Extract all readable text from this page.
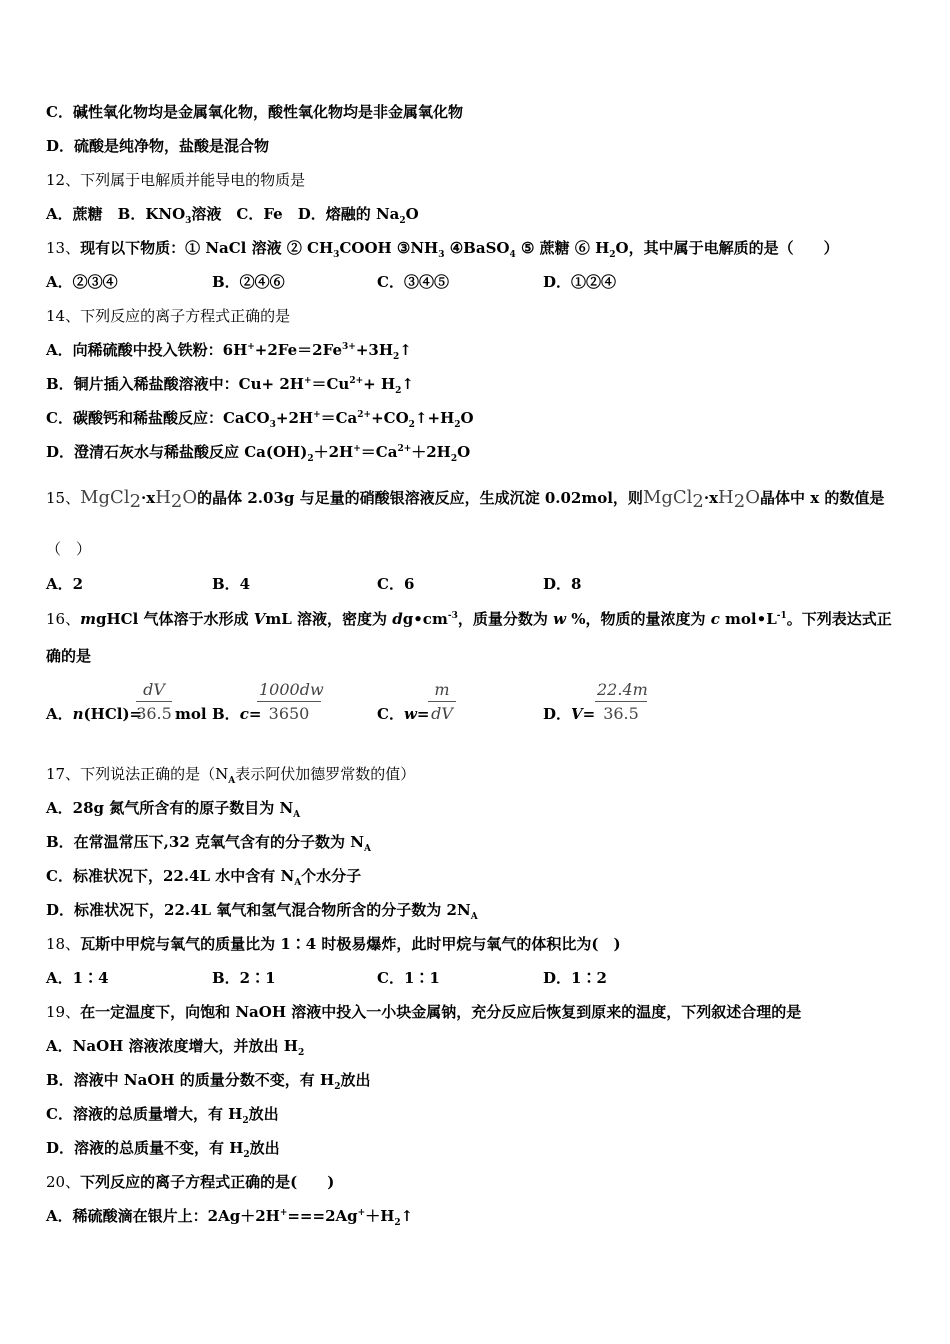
C．碱性氧化物均是金属氧化物，酸性氧化物均是非金属氧化物
D．硫酸是纯净物，盐酸是混合物
12、下列属于电解质并能导电的物质是
A．蔗糖　B．$KNO_3$溶液　C．Fe　D．熔融的 $Na_2O$
13、现有以下物质：① NaCl 溶液 ② $CH_3COOH$ $③NH_3$ ④BaSO$_4$ ⑤ 蔗糖 ⑥ $H_2O$，其中属于电解质的是（　　）
A．②③④	B．②④⑥	C．③④⑤	D．①②④
14、下列反应的离子方程式正确的是
A．向稀硫酸中投入铁粉：$6H^++2Fe=2Fe^{3+}+3H_2↑$
B．铜片插入稀盐酸溶液中：$Cu+ 2H^+=Cu^{2+}+$ $H_2↑$
C．碳酸钙和稀盐酸反应：$CaCO_3+2H^+=Ca^{2+}+CO_2↑+H_2O$
D．澄清石灰水与稀盐酸反应 $Ca(OH)_2+2H^+=Ca^{2+}+2H_2O$
15、$MgCl_2\cdot xH_2O$的晶体 2.03g 与足量的硝酸银溶液反应，生成沉淀 0.02mol，则$MgCl_2\cdot xH_2O$晶体中 x 的数值是
（　）
A．2	B．4	C．6	D．8
16、mgHCl 气体溶于水形成 VmL 溶液，密度为 $dg•cm^{-3}$，质量分数为 w %，物质的量浓度为 c $mol•L^{-1}$。下列表达式正
确的是
A．n(HCl)=
dV
36.5 mol B．c=
1000dw
3650	C．w=
m
dV	D．V=
22.4m
36.5
17、下列说法正确的是（$N_A$表示阿伏加德罗常数的值）
A．28g 氮气所含有的原子数目为 $N_A$
B．在常温常压下,32 克氧气含有的分子数为 $N_A$
C．标准状况下，22.4L 水中含有 $N_A$个水分子
D．标准状况下，22.4L 氧气和氢气混合物所含的分子数为 $2N_A$
18、瓦斯中甲烷与氧气的质量比为 1∶4 时极易爆炸，此时甲烷与氧气的体积比为(　)
A．1∶4	B．2∶1	C．1∶1	D．1∶2
19、在一定温度下，向饱和 NaOH 溶液中投入一小块金属钠，充分反应后恢复到原来的温度，下列叙述合理的是
A．NaOH 溶液浓度增大，并放出 $H_2$
B．溶液中 NaOH 的质量分数不变，有 $H_2$放出
C．溶液的总质量增大，有 $H_2$放出
D．溶液的总质量不变，有 $H_2$放出
20、下列反应的离子方程式正确的是(　　)
A．稀硫酸滴在银片上：$2Ag+2H^+===2Ag^++H_2↑$
